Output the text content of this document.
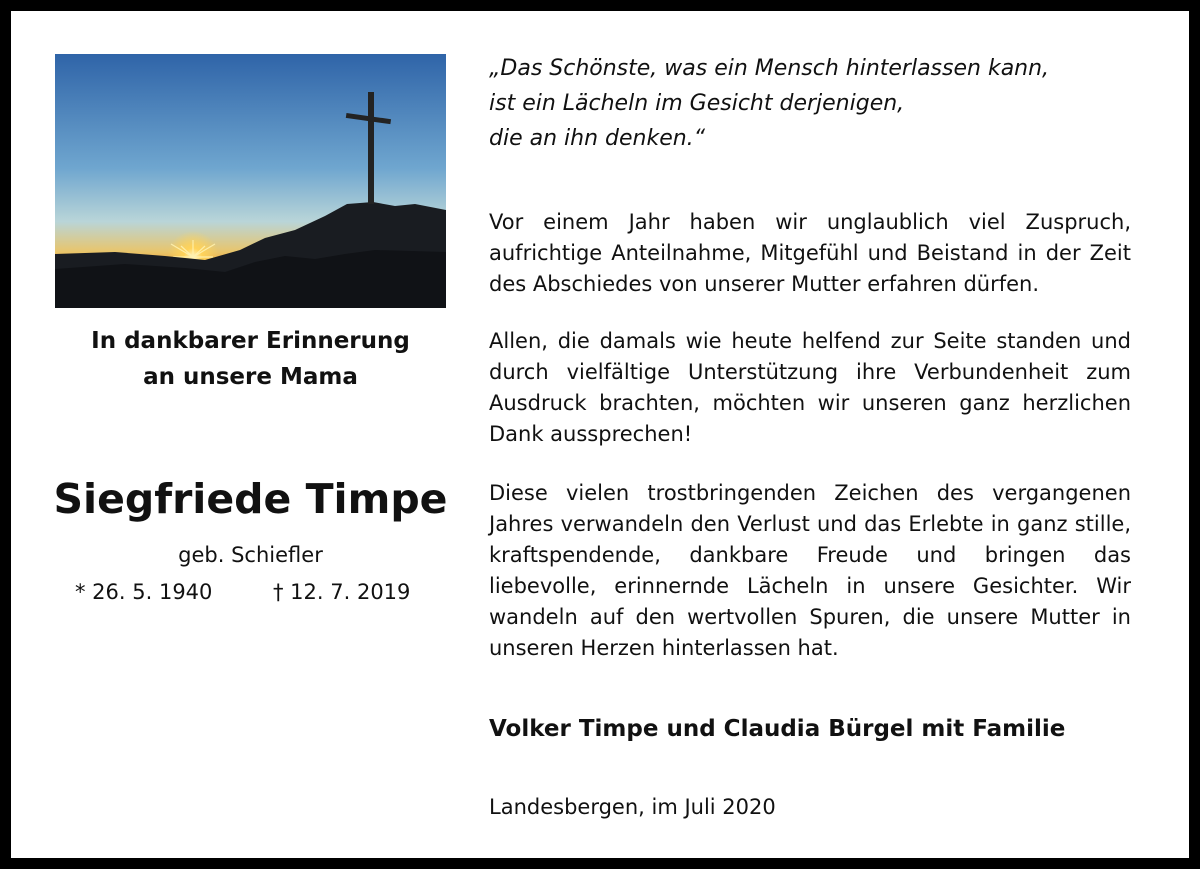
In dankbarer Erinnerung
an unsere Mama
Siegfriede Timpe
geb. Schiefler
* 26. 5. 1940	† 12. 7. 2019
„Das Schönste, was ein Mensch hinterlassen kann,
ist ein Lächeln im Gesicht derjenigen,
die an ihn denken.“
Vor einem Jahr haben wir unglaublich viel Zuspruch, aufrichtige Anteilnahme, Mitgefühl und Beistand in der Zeit des Abschiedes von unserer Mutter erfahren dürfen.
Allen, die damals wie heute helfend zur Seite standen und durch vielfältige Unterstützung ihre Verbundenheit zum Ausdruck brachten, möchten wir unseren ganz herzlichen Dank aussprechen!
Diese vielen trostbringenden Zeichen des vergangenen Jahres verwandeln den Verlust und das Erlebte in ganz stille, kraftspendende, dankbare Freude und bringen das liebevolle, erinnernde Lächeln in unsere Gesichter. Wir wandeln auf den wertvollen Spuren, die unsere Mutter in unseren Herzen hinterlassen hat.
Volker Timpe und Claudia Bürgel mit Familie
Landesbergen, im Juli 2020
